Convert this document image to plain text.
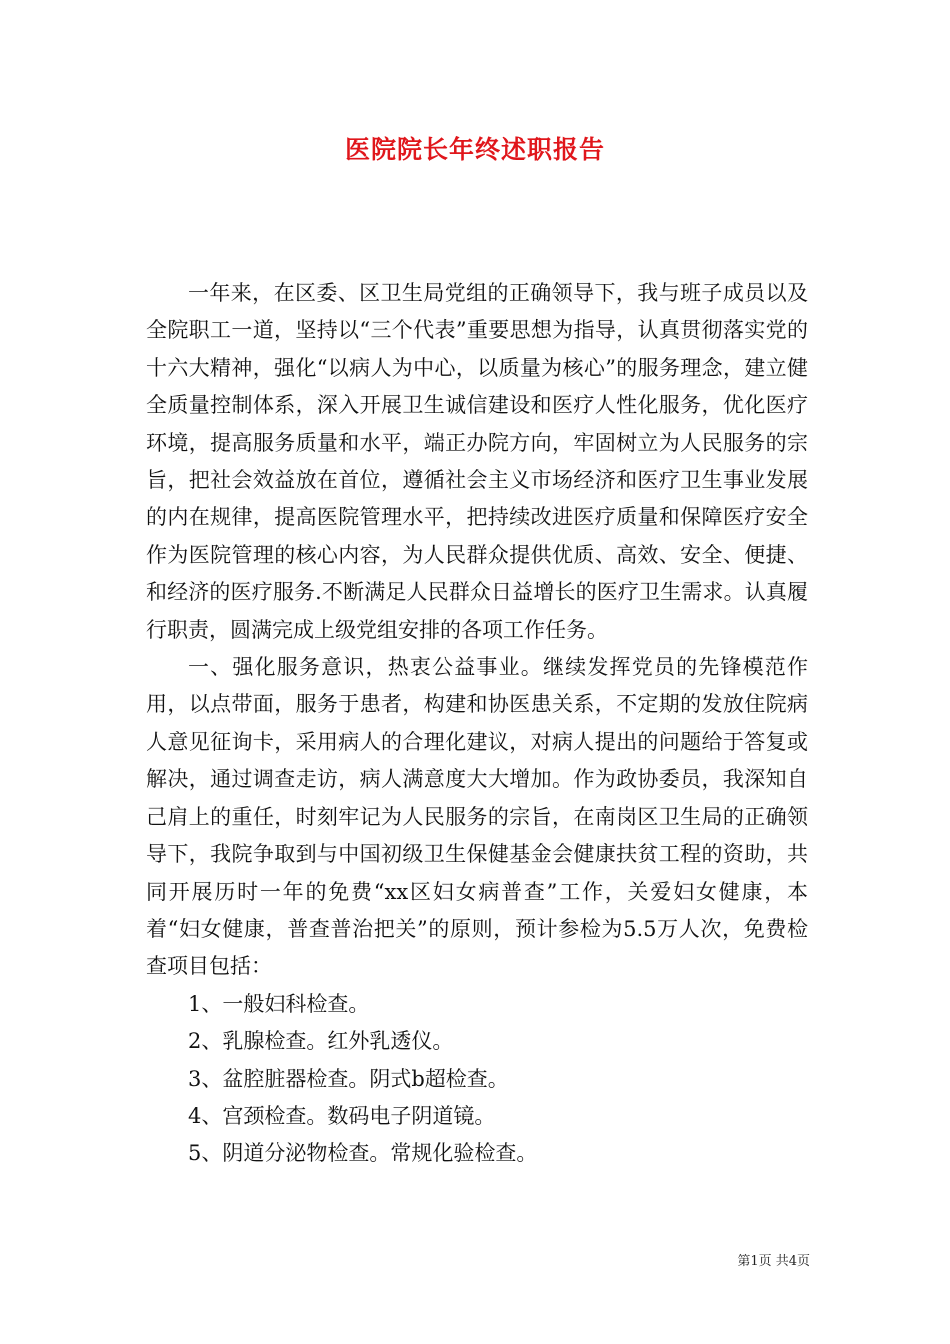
医院院长年终述职报告

一年来，在区委、区卫生局党组的正确领导下，我与班子成员以及全院职工一道，坚持以“三个代表”重要思想为指导，认真贯彻落实党的十六大精神，强化“以病人为中心，以质量为核心”的服务理念，建立健全质量控制体系，深入开展卫生诚信建设和医疗人性化服务，优化医疗环境，提高服务质量和水平，端正办院方向，牢固树立为人民服务的宗旨，把社会效益放在首位，遵循社会主义市场经济和医疗卫生事业发展的内在规律，提高医院管理水平，把持续改进医疗质量和保障医疗安全作为医院管理的核心内容，为人民群众提供优质、高效、安全、便捷、和经济的医疗服务.不断满足人民群众日益增长的医疗卫生需求。认真履行职责，圆满完成上级党组安排的各项工作任务。

一、强化服务意识，热衷公益事业。继续发挥党员的先锋模范作用，以点带面，服务于患者，构建和协医患关系，不定期的发放住院病人意见征询卡，采用病人的合理化建议，对病人提出的问题给于答复或解决，通过调查走访，病人满意度大大增加。作为政协委员，我深知自己肩上的重任，时刻牢记为人民服务的宗旨，在南岗区卫生局的正确领导下，我院争取到与中国初级卫生保健基金会健康扶贫工程的资助，共同开展历时一年的免费“xx区妇女病普查”工作，关爱妇女健康，本着“妇女健康，普查普治把关”的原则，预计参检为5.5万人次，免费检查项目包括：

1、一般妇科检查。

2、乳腺检查。红外乳透仪。

3、盆腔脏器检查。阴式b超检查。

4、宫颈检查。数码电子阴道镜。

5、阴道分泌物检查。常规化验检查。

第1页 共4页
